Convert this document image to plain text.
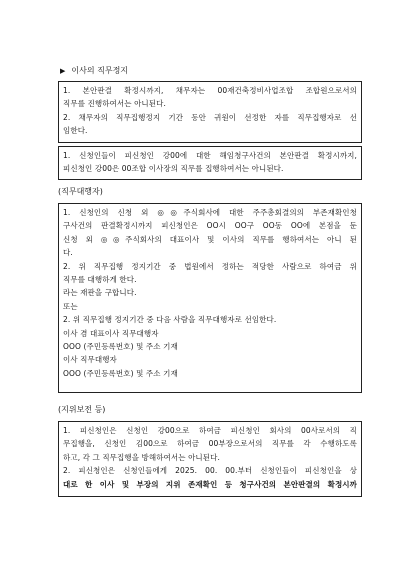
▶ 이사의 직무정지
1. 본안판결 확정시까지, 채무자는 00재건축정비사업조합 조합원으로서의
직무를 진행하여서는 아니된다.
2. 채무자의 직무집행정지 기간 동안 귀원이 선정한 자를 직무집행자로 선
임한다.
1. 신청인들이 피신청인 강00에 대한 해임청구사건의 본안판결 확정시까지,
피신청인 강00은 00조합 이사장의 직무를 집행하여서는 아니된다.
(직무대행자)
1. 신청인의 신청 외 ◎◎주식회사에 대한 주주총회결의의 부존재확인청
구사건의 판결확정시까지 피신청인은 OO시 OO구 OO동 OO에 본점을 둔
신청 외 ◎◎주식회사의 대표이사 및 이사의 직무를 행하여서는 아니 된
다.
2. 위 직무집행 정지기간 중 법원에서 정하는 적당한 사람으로 하여금 위
직무를 대행하게 한다.
라는 재판을 구합니다.
또는
2. 위 직무집행 정지기간 중 다음 사람을 직무대행자로 선임한다.
이사 겸 대표이사 직무대행자
OOO (주민등록번호) 및 주소 기재
이사 직무대행자
OOO (주민등록번호) 및 주소 기재
(지위보전 등)
1. 피신청인은 신청인 강00으로 하여금 피신청인 회사의 00사로서의 직
무집행을, 신청인 김00으로 하여금 00부장으로서의 직무를 각 수행하도록
하고, 각 그 직무집행을 방해하여서는 아니된다.
2. 피신청인은 신청인들에게 2025. 00. 00.부터 신청인들이 피신청인을 상
대로 한 이사 및 부장의 지위 존재확인 등 청구사건의 본안판결의 확정시까
